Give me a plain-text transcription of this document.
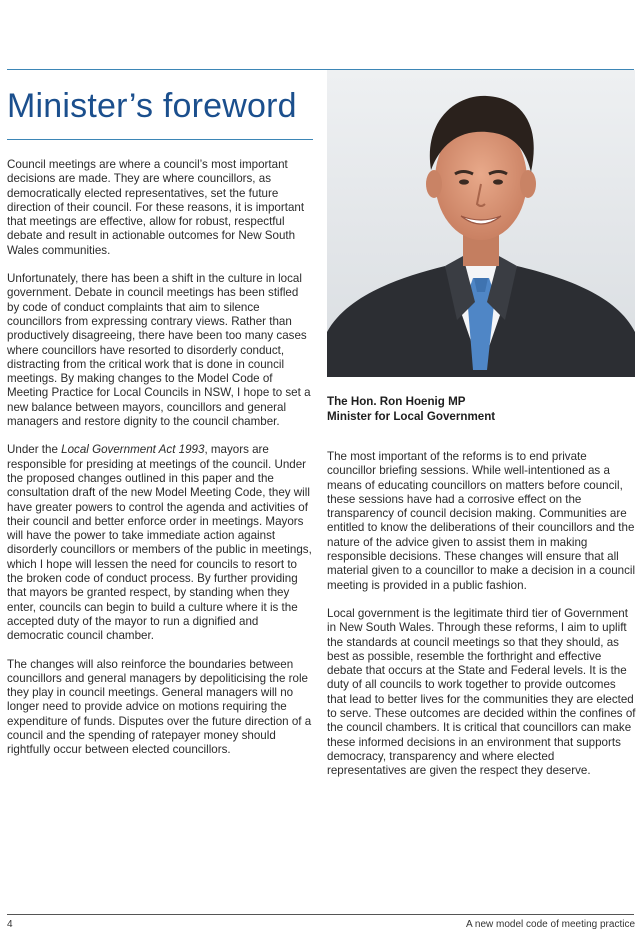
Minister’s foreword

Council meetings are where a council’s most important decisions are made. They are where councillors, as democratically elected representatives, set the future direction of their council. For these reasons, it is important that meetings are effective, allow for robust, respectful debate and result in actionable outcomes for New South Wales communities.

Unfortunately, there has been a shift in the culture in local government. Debate in council meetings has been stifled by code of conduct complaints that aim to silence councillors from expressing contrary views. Rather than productively disagreeing, there have been too many cases where councillors have resorted to disorderly conduct, distracting from the critical work that is done in council meetings. By making changes to the Model Code of Meeting Practice for Local Councils in NSW, I hope to set a new balance between mayors, councillors and general managers and restore dignity to the council chamber.

Under the Local Government Act 1993, mayors are responsible for presiding at meetings of the council. Under the proposed changes outlined in this paper and the consultation draft of the new Model Meeting Code, they will have greater powers to control the agenda and activities of their council and better enforce order in meetings. Mayors will have the power to take immediate action against disorderly councillors or members of the public in meetings, which I hope will lessen the need for councils to resort to the broken code of conduct process. By further providing that mayors be granted respect, by standing when they enter, councils can begin to build a culture where it is the accepted duty of the mayor to run a dignified and democratic council chamber.

The changes will also reinforce the boundaries between councillors and general managers by depoliticising the role they play in council meetings. General managers will no longer need to provide advice on motions requiring the expenditure of funds. Disputes over the future direction of a council and the spending of ratepayer money should rightfully occur between elected councillors.

The Hon. Ron Hoenig MP
Minister for Local Government

The most important of the reforms is to end private councillor briefing sessions. While well-intentioned as a means of educating councillors on matters before council, these sessions have had a corrosive effect on the transparency of council decision making. Communities are entitled to know the deliberations of their councillors and the nature of the advice given to assist them in making responsible decisions. These changes will ensure that all material given to a councillor to make a decision in a council meeting is provided in a public fashion.

Local government is the legitimate third tier of Government in New South Wales. Through these reforms, I aim to uplift the standards at council meetings so that they should, as best as possible, resemble the forthright and effective debate that occurs at the State and Federal levels. It is the duty of all councils to work together to provide outcomes that lead to better lives for the communities they are elected to serve. These outcomes are decided within the confines of the council chambers. It is critical that councillors can make these informed decisions in an environment that supports democracy, transparency and where elected representatives are given the respect they deserve.

4	A new model code of meeting practice
